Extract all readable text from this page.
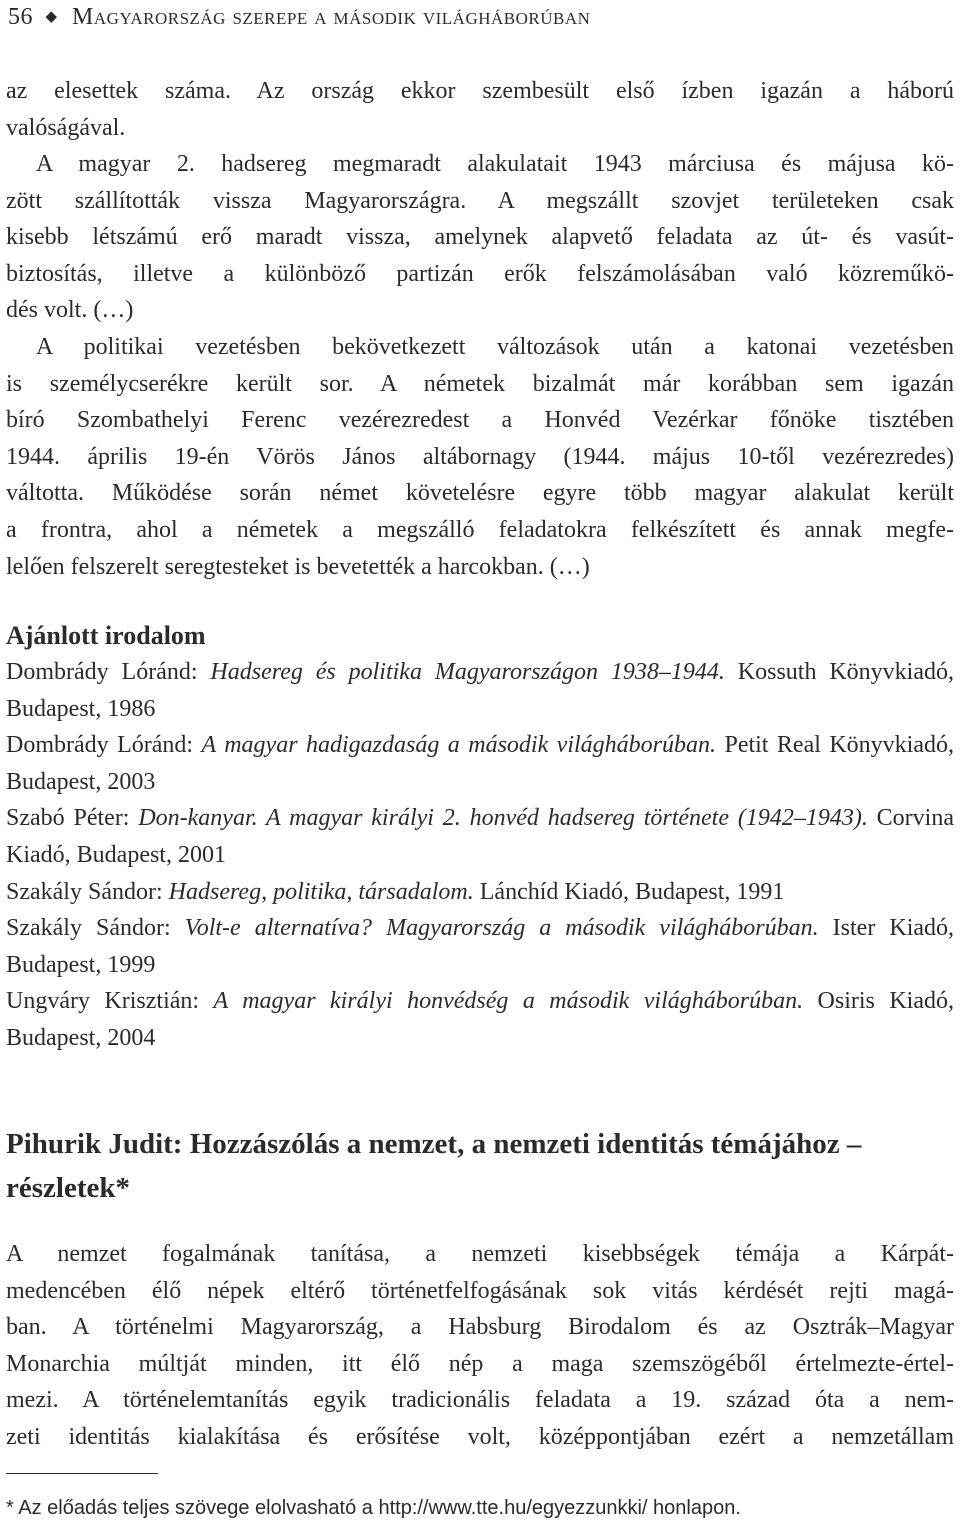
56 ◆ Magyarország szerepe a második világháborúban

az elesettek száma. Az ország ekkor szembesült első ízben igazán a háború
valóságával.

A magyar 2. hadsereg megmaradt alakulatait 1943 márciusa és májusa kö-
zött szállították vissza Magyarországra. A megszállt szovjet területeken csak
kisebb létszámú erő maradt vissza, amelynek alapvető feladata az út- és vasút-
biztosítás, illetve a különböző partizán erők felszámolásában való közreműkö-
dés volt. (…)

A politikai vezetésben bekövetkezett változások után a katonai vezetésben
is személycserékre került sor. A németek bizalmát már korábban sem igazán
bíró Szombathelyi Ferenc vezérezredest a Honvéd Vezérkar főnöke tisztében
1944. április 19-én Vörös János altábornagy (1944. május 10-től vezérezredes)
váltotta. Működése során német követelésre egyre több magyar alakulat került
a frontra, ahol a németek a megszálló feladatokra felkészített és annak megfe-
lelően felszerelt seregtesteket is bevetették a harcokban. (…)

Ajánlott irodalom
Dombrády Lóránd: Hadsereg és politika Magyarországon 1938–1944. Kossuth Könyvkiadó, Budapest, 1986
Dombrády Lóránd: A magyar hadigazdaság a második világháborúban. Petit Real Könyvkiadó, Budapest, 2003
Szabó Péter: Don-kanyar. A magyar királyi 2. honvéd hadsereg története (1942–1943). Corvina Kiadó, Budapest, 2001
Szakály Sándor: Hadsereg, politika, társadalom. Lánchíd Kiadó, Budapest, 1991
Szakály Sándor: Volt-e alternatíva? Magyarország a második világháborúban. Ister Kiadó, Budapest, 1999
Ungváry Krisztián: A magyar királyi honvédség a második világháborúban. Osiris Kiadó, Budapest, 2004
Pihurik Judit: Hozzászólás a nemzet, a nemzeti identitás témájához –
részletek*

A nemzet fogalmának tanítása, a nemzeti kisebbségek témája a Kárpát-
medencében élő népek eltérő történetfelfogásának sok vitás kérdését rejti magá-
ban. A történelmi Magyarország, a Habsburg Birodalom és az Osztrák–Magyar
Monarchia múltját minden, itt élő nép a maga szemszögéből értelmezte-értel-
mezi. A történelemtanítás egyik tradicionális feladata a 19. század óta a nem-
zeti identitás kialakítása és erősítése volt, középpontjában ezért a nemzetállam

* Az előadás teljes szövege elolvasható a http://www.tte.hu/egyezzunkki/ honlapon.
